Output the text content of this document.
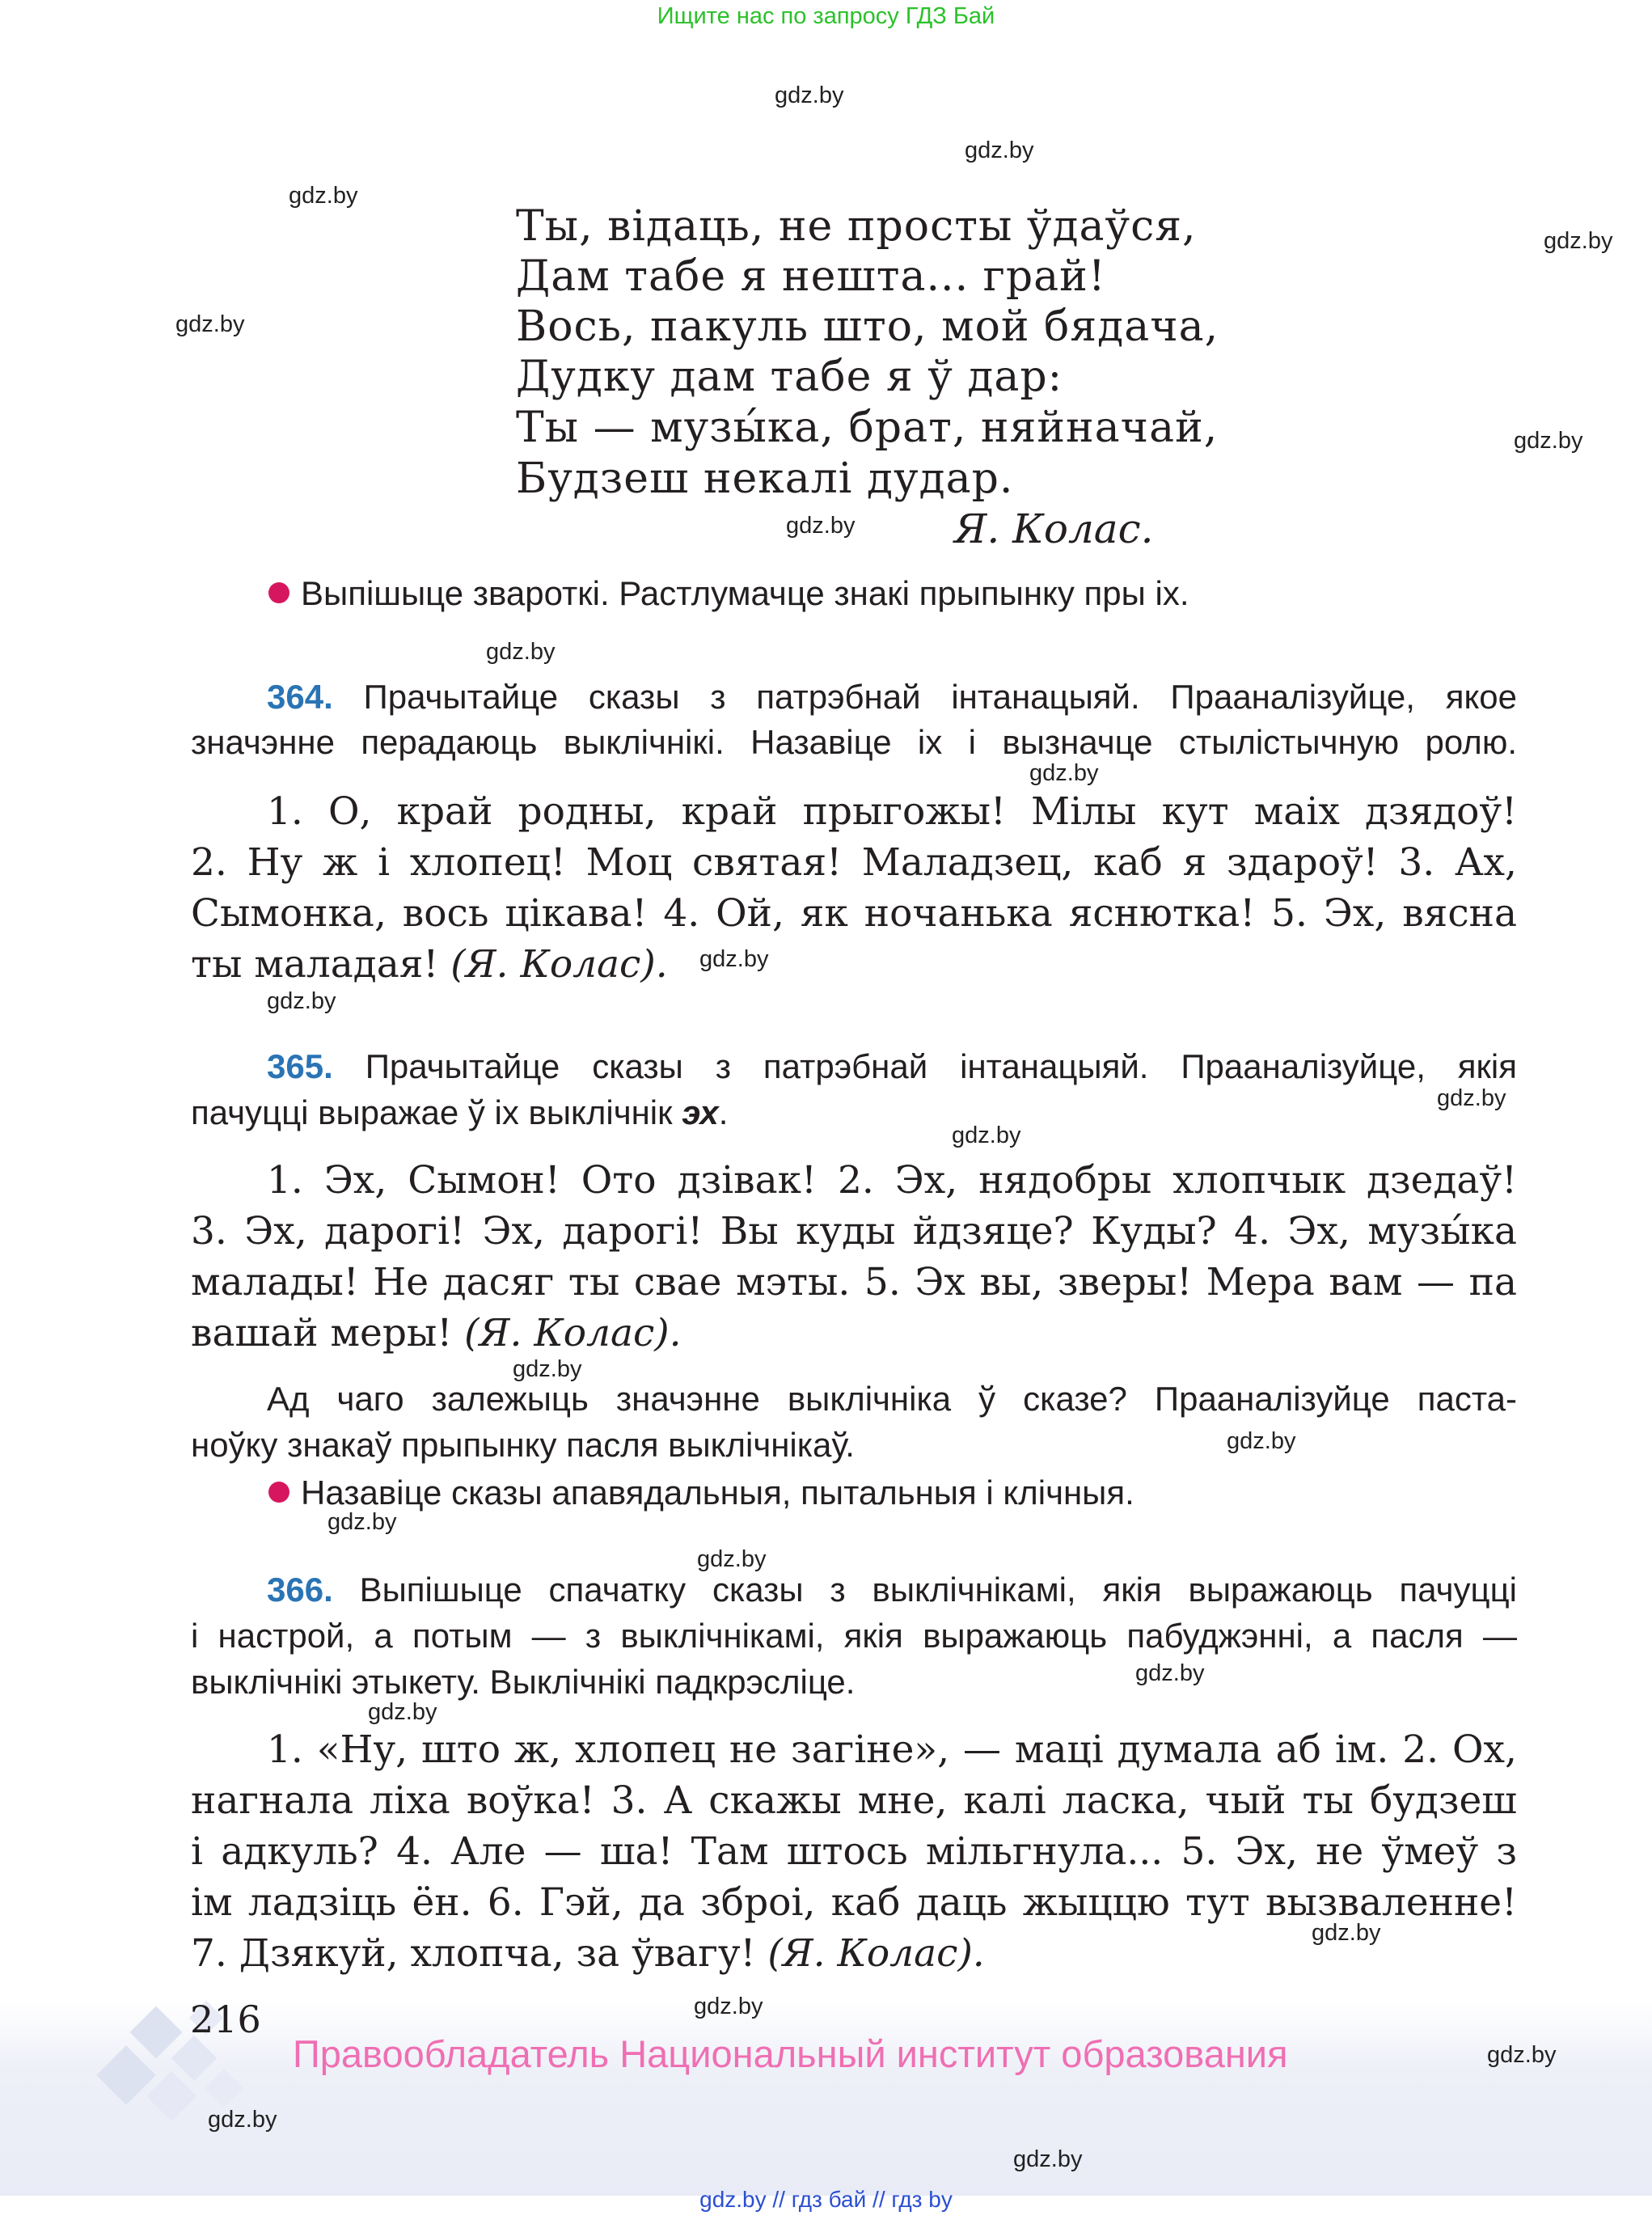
Ищите нас по запросу ГДЗ Бай
Ты, відаць, не просты ўдаўся,
Дам табе я нешта... грай!
Вось, пакуль што, мой бядача,
Дудку дам табе я ў дар:
Ты — музы́ка, брат, няйначай,
Будзеш некалі дудар.
Я. Колас.
Выпішыце звароткі. Растлумачце знакі прыпынку пры іх.
364. Прачытайце сказы з патрэбнай інтанацыяй. Прааналізуйце, якое
значэнне перадаюць выклічнікі. Назавіце іх і вызначце стылістычную ролю.
1. О, край родны, край прыгожы! Мілы кут маіх дзядоў!
2. Ну ж і хлопец! Моц святая! Маладзец, каб я здароў! 3. Ах,
Сымонка, вось цікава! 4. Ой, як ночанька яснютка! 5. Эх, вясна
ты маладая! (Я. Колас).
365. Прачытайце сказы з патрэбнай інтанацыяй. Прааналізуйце, якія
пачуцці выражае ў іх выклічнік эх.
1. Эх, Сымон! Ото дзівак! 2. Эх, нядобры хлопчык дзедаў!
3. Эх, дарогі! Эх, дарогі! Вы куды йдзяце? Куды? 4. Эх, музы́ка
малады! Не дасяг ты свае мэты. 5. Эх вы, зверы! Мера вам — па
вашай меры! (Я. Колас).
Ад чаго залежыць значэнне выклічніка ў сказе? Прааналізуйце паста-
ноўку знакаў прыпынку пасля выклічнікаў.
Назавіце сказы апавядальныя, пытальныя і клічныя.
366. Выпішыце спачатку сказы з выклічнікамі, якія выражаюць пачуцці
і настрой, а потым — з выклічнікамі, якія выражаюць пабуджэнні, а пасля —
выклічнікі этыкету. Выклічнікі падкрэсліце.
1. «Ну, што ж, хлопец не загіне», — маці думала аб ім. 2. Ох,
нагнала ліха воўка! 3. А скажы мне, калі ласка, чый ты будзеш
і адкуль? 4. Але — ша! Там штось мільгнула... 5. Эх, не ўмеў з
ім ладзіць ён. 6. Гэй, да зброі, каб даць жыццю тут вызваленне!
7. Дзякуй, хлопча, за ўвагу! (Я. Колас).
216
Правообладатель Национальный институт образования
gdz.by // гдз бай // гдз by
gdz.by
gdz.by
gdz.by
gdz.by
gdz.by
gdz.by
gdz.by
gdz.by
gdz.by
gdz.by
gdz.by
gdz.by
gdz.by
gdz.by
gdz.by
gdz.by
gdz.by
gdz.by
gdz.by
gdz.by
gdz.by
gdz.by
gdz.by
gdz.by
